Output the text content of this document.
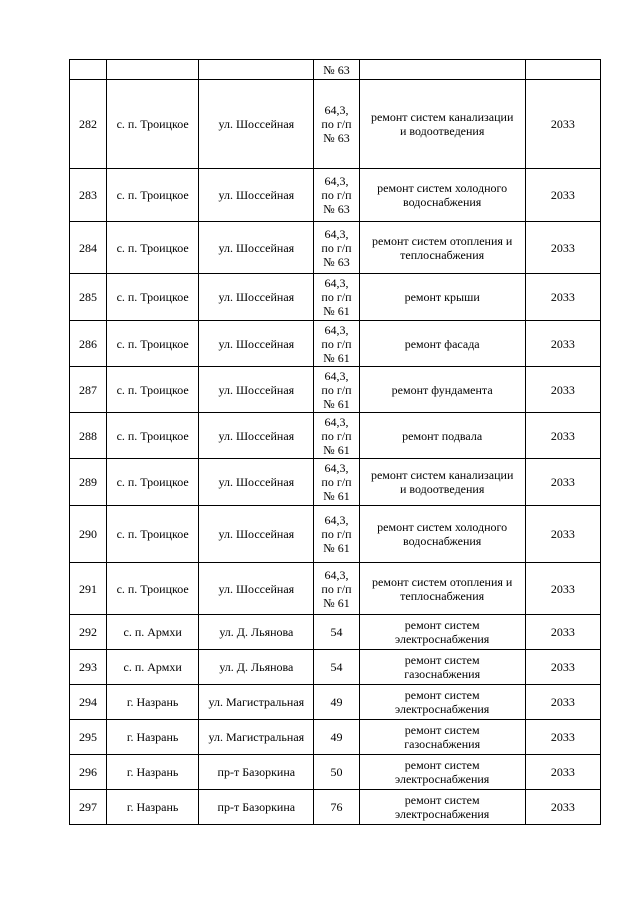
			№ 63		

282	с. п. Троицкое	ул. Шоссейная	64,3,
по г/п
№ 63	ремонт систем канализации
и водоотведения	2033

283	с. п. Троицкое	ул. Шоссейная	64,3,
по г/п
№ 63	ремонт систем холодного
водоснабжения	2033

284	с. п. Троицкое	ул. Шоссейная	64,3,
по г/п
№ 63	ремонт систем отопления и
теплоснабжения	2033

285	с. п. Троицкое	ул. Шоссейная	64,3,
по г/п
№ 61	ремонт крыши	2033

286	с. п. Троицкое	ул. Шоссейная	64,3,
по г/п
№ 61	ремонт фасада	2033

287	с. п. Троицкое	ул. Шоссейная	64,3,
по г/п
№ 61	ремонт фундамента	2033

288	с. п. Троицкое	ул. Шоссейная	64,3,
по г/п
№ 61	ремонт подвала	2033

289	с. п. Троицкое	ул. Шоссейная	64,3,
по г/п
№ 61	ремонт систем канализации
и водоотведения	2033

290	с. п. Троицкое	ул. Шоссейная	64,3,
по г/п
№ 61	ремонт систем холодного
водоснабжения	2033

291	с. п. Троицкое	ул. Шоссейная	64,3,
по г/п
№ 61	ремонт систем отопления и
теплоснабжения	2033

292	с. п. Армхи	ул. Д. Льянова	54	ремонт систем
электроснабжения	2033

293	с. п. Армхи	ул. Д. Льянова	54	ремонт систем
газоснабжения	2033

294	г. Назрань	ул. Магистральная	49	ремонт систем
электроснабжения	2033

295	г. Назрань	ул. Магистральная	49	ремонт систем
газоснабжения	2033

296	г. Назрань	пр-т Базоркина	50	ремонт систем
электроснабжения	2033

297	г. Назрань	пр-т Базоркина	76	ремонт систем
электроснабжения	2033
